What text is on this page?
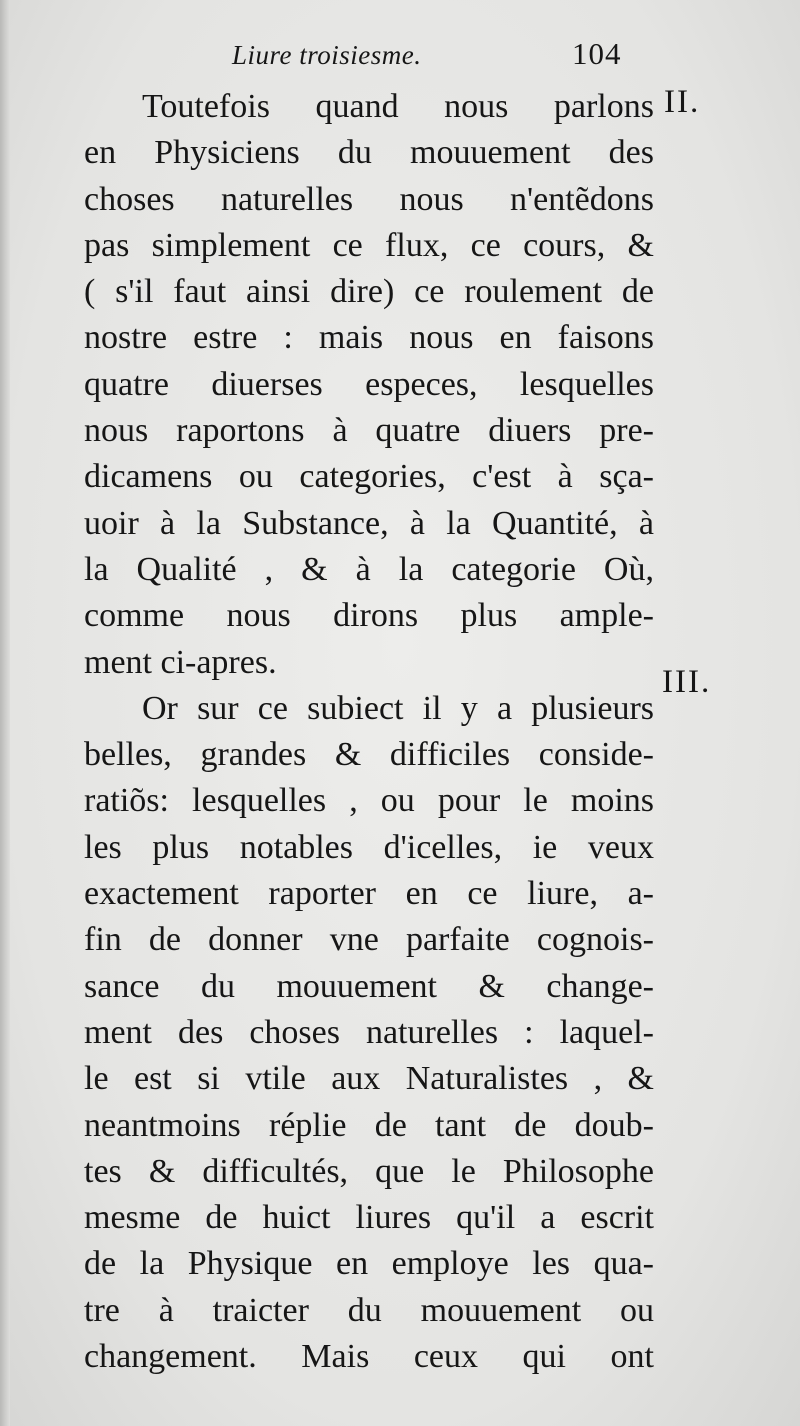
Liure troisiesme.	104
II.
III.
Toutefois quand nous parlons
en Physiciens du mouuement des
choses naturelles nous n'entẽdons
pas simplement ce flux, ce cours, &
( s'il faut ainsi dire) ce roulement de
nostre estre : mais nous en faisons
quatre diuerses especes, lesquelles
nous raportons à quatre diuers pre-
dicamens ou categories, c'est à sça-
uoir à la Substance, à la Quantité, à
la Qualité , & à la categorie Où,
comme nous dirons plus ample-
ment ci-apres.
Or sur ce subiect il y a plusieurs
belles, grandes & difficiles conside-
ratiõs: lesquelles , ou pour le moins
les plus notables d'icelles, ie veux
exactement raporter en ce liure, a-
fin de donner vne parfaite cognois-
sance du mouuement & change-
ment des choses naturelles : laquel-
le est si vtile aux Naturalistes , &
neantmoins réplie de tant de doub-
tes & difficultés, que le Philosophe
mesme de huict liures qu'il a escrit
de la Physique en employe les qua-
tre à traicter du mouuement ou
changement. Mais ceux qui ont
